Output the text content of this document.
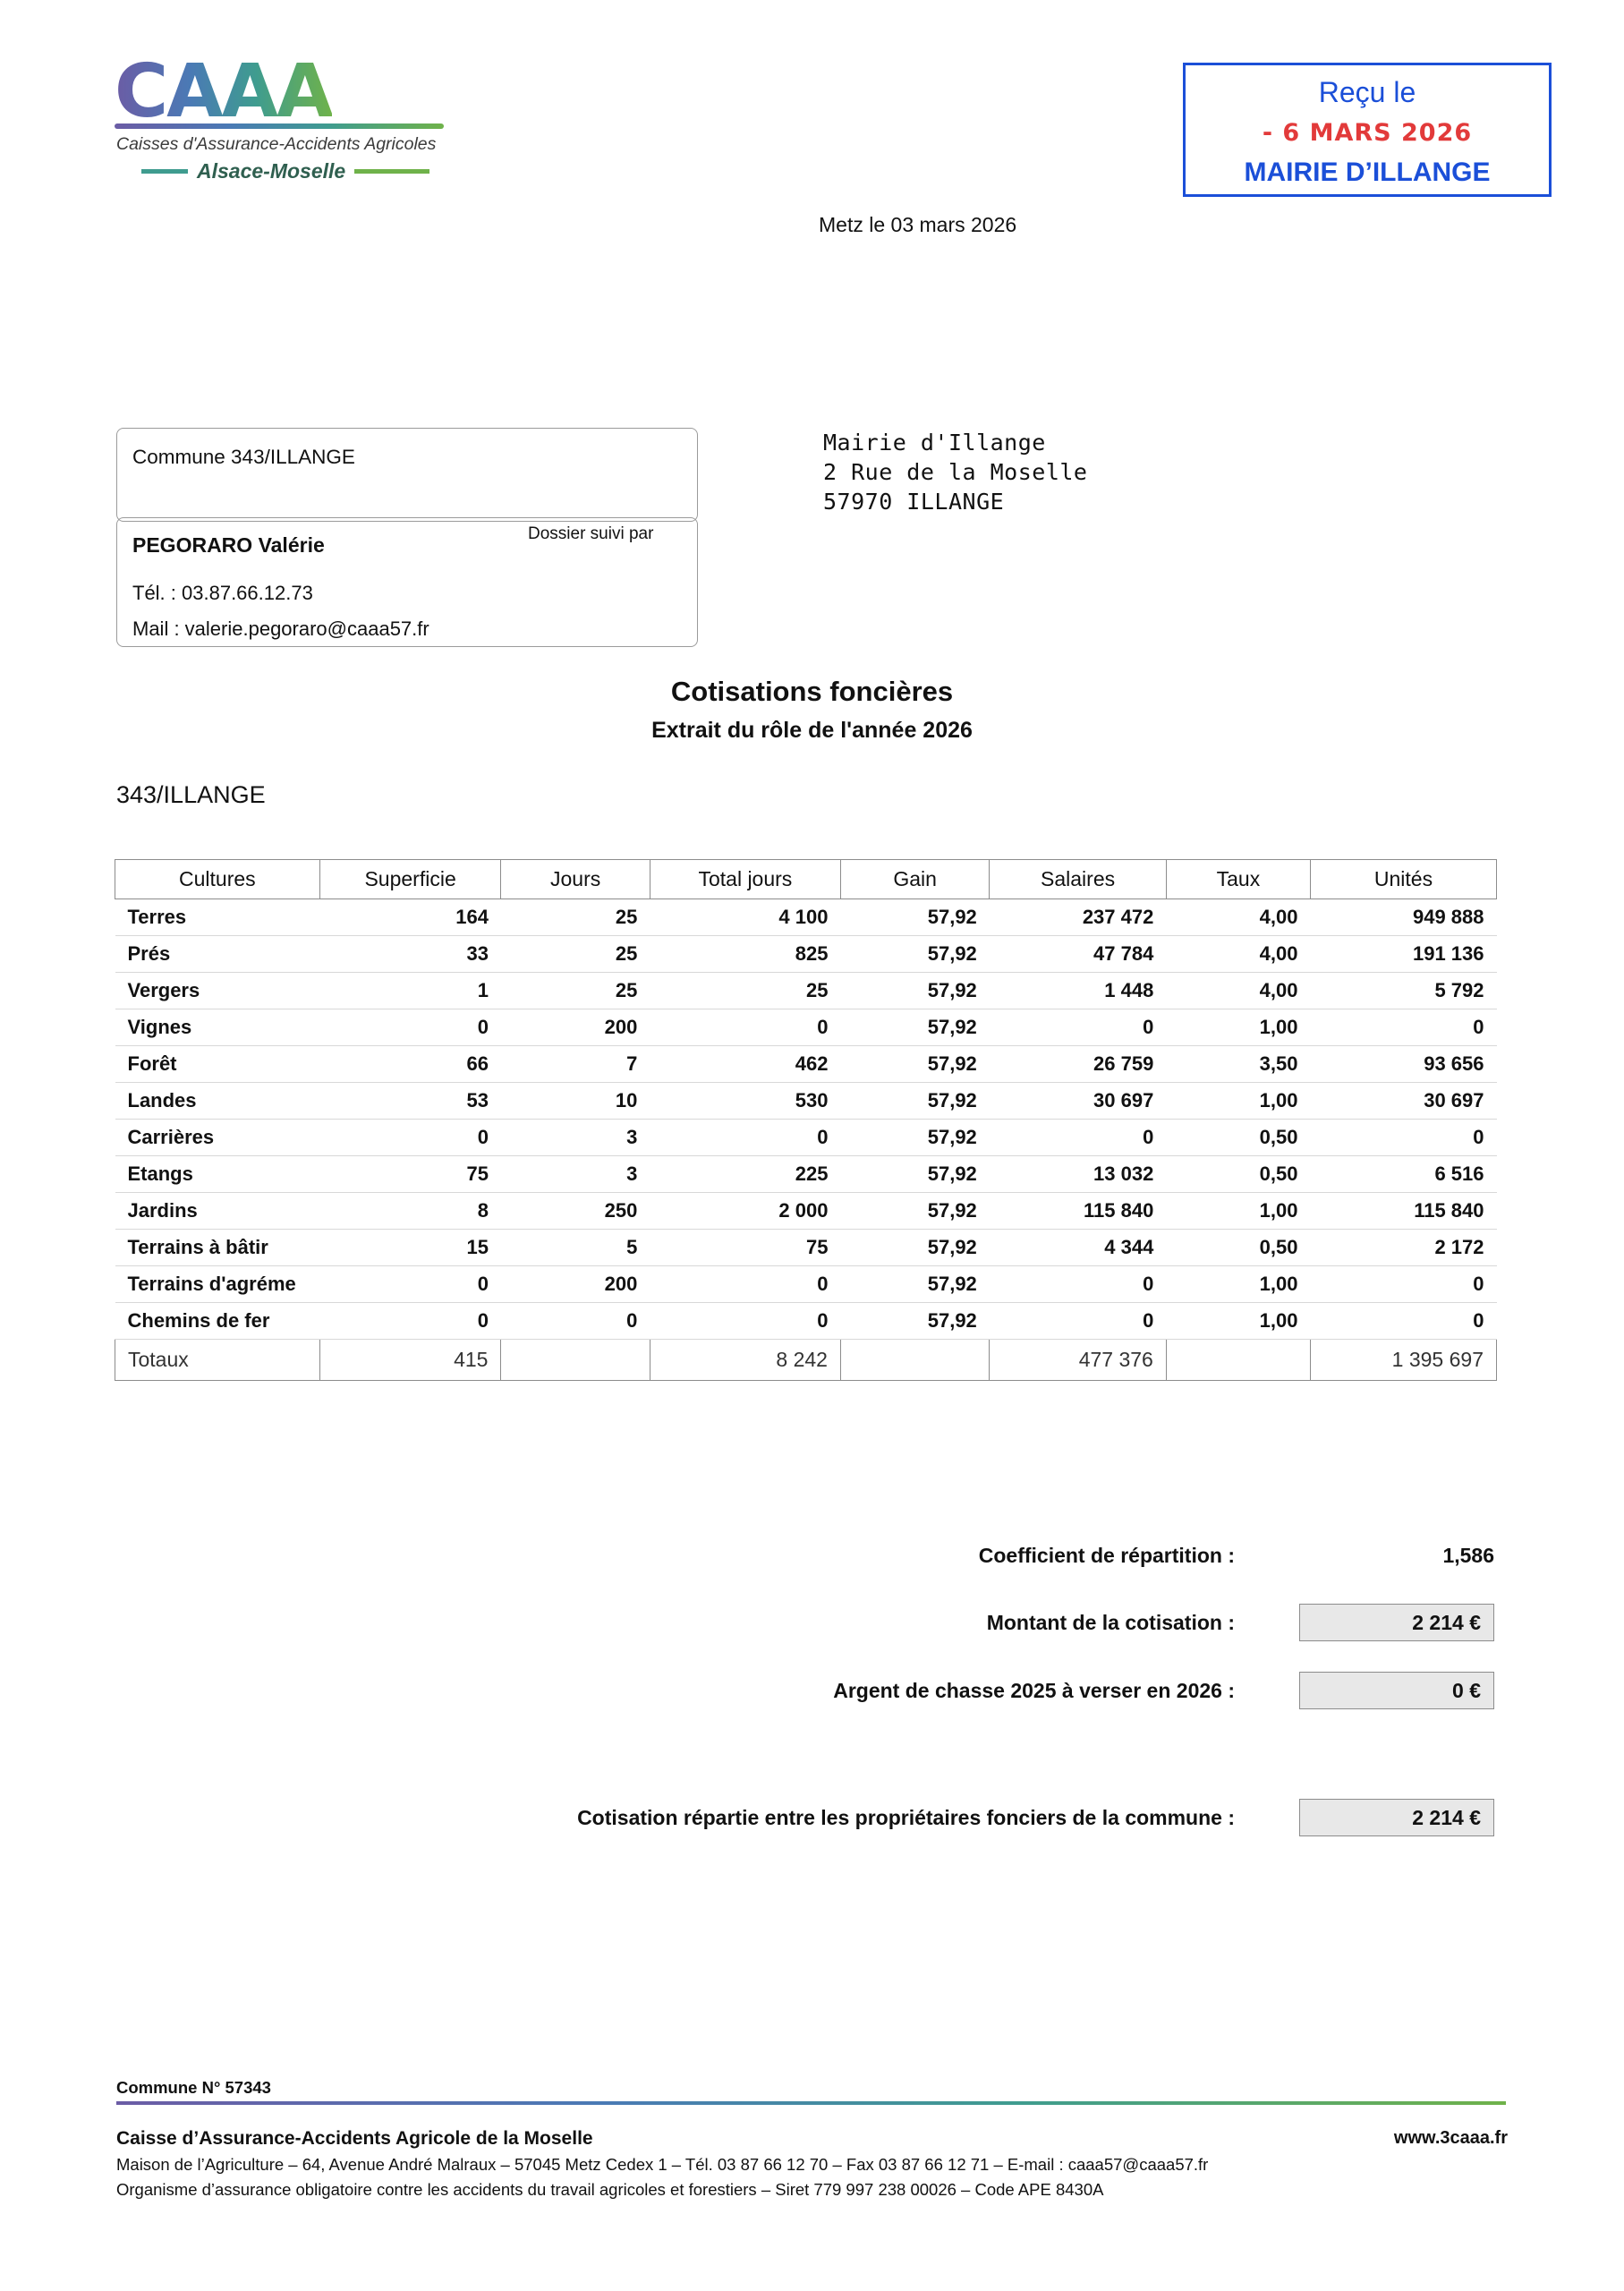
CAAA
Caisses d'Assurance-Accidents Agricoles
Alsace-Moselle
Metz le 03 mars 2026
Reçu le
- 6 MARS 2026
MAIRIE D’ILLANGE
Commune 343/ILLANGE
Dossier suivi par
PEGORARO Valérie
Tél. : 03.87.66.12.73
Mail : valerie.pegoraro@caaa57.fr
Mairie d'Illange
2 Rue de la Moselle
57970 ILLANGE
Cotisations foncières
Extrait du rôle de l'année 2026
343/ILLANGE
Cultures	Superficie	Jours	Total jours	Gain	Salaires	Taux	Unités
Terres	164	25	4 100	57,92	237 472	4,00	949 888
Prés	33	25	825	57,92	47 784	4,00	191 136
Vergers	1	25	25	57,92	1 448	4,00	5 792
Vignes	0	200	0	57,92	0	1,00	0
Forêt	66	7	462	57,92	26 759	3,50	93 656
Landes	53	10	530	57,92	30 697	1,00	30 697
Carrières	0	3	0	57,92	0	0,50	0
Etangs	75	3	225	57,92	13 032	0,50	6 516
Jardins	8	250	2 000	57,92	115 840	1,00	115 840
Terrains à bâtir	15	5	75	57,92	4 344	0,50	2 172
Terrains d'agréme	0	200	0	57,92	0	1,00	0
Chemins de fer	0	0	0	57,92	0	1,00	0
Totaux	415		8 242		477 376		1 395 697
Coefficient de répartition :	1,586
Montant de la cotisation :	2 214 €
Argent de chasse 2025 à verser en 2026 :	0 €
Cotisation répartie entre les propriétaires fonciers de la commune :	2 214 €
Commune N° 57343
Caisse d’Assurance-Accidents Agricole de la Moselle	www.3caaa.fr
Maison de l’Agriculture – 64, Avenue André Malraux – 57045 Metz Cedex 1 – Tél. 03 87 66 12 70 – Fax 03 87 66 12 71 – E-mail : caaa57@caaa57.fr
Organisme d’assurance obligatoire contre les accidents du travail agricoles et forestiers – Siret 779 997 238 00026 – Code APE 8430A
